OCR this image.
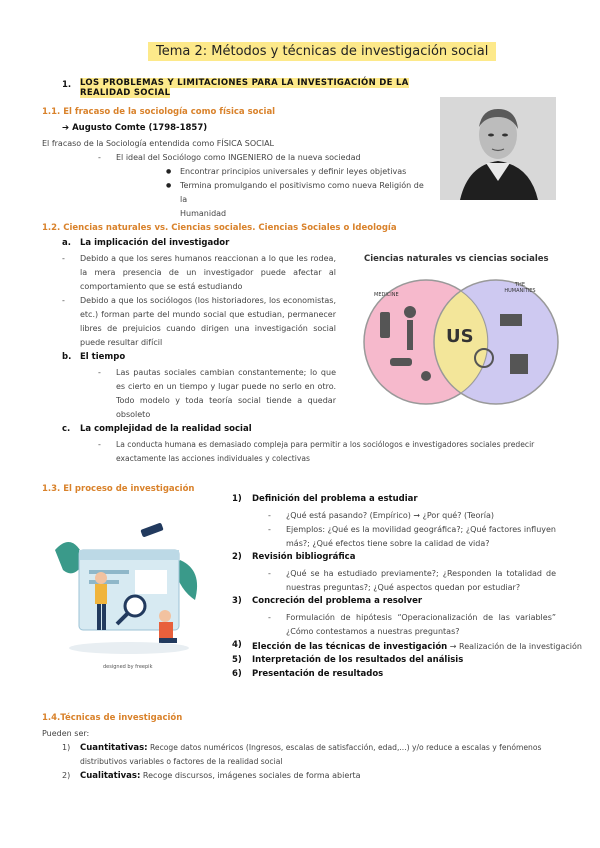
Tema 2: Métodos y técnicas de investigación social
1. LOS PROBLEMAS Y LIMITACIONES PARA LA INVESTIGACIÓN DE LA
REALIDAD SOCIAL
1.1. El fracaso de la sociología como física social
➔ Augusto Comte (1798-1857)
El fracaso de la Sociología entendida como FÍSICA SOCIAL
- El ideal del Sociólogo como INGENIERO de la nueva sociedad
● Encontrar principios universales y definir leyes objetivas
● Termina promulgando el positivismo como nueva Religión de la
Humanidad
1.2. Ciencias naturales vs. Ciencias sociales. Ciencias Sociales o Ideología
a. La implicación del investigador
- Debido a que los seres humanos reaccionan a lo que les rodea, la mera presencia de un investigador puede afectar al comportamiento que se está estudiando
- Debido a que los sociólogos (los historiadores, los economistas, etc.) forman parte del mundo social que estudian, permanecer libres de prejuicios cuando dirigen una investigación social puede resultar difícil
b. El tiempo
- Las pautas sociales cambian constantemente; lo que es cierto en un tiempo y lugar puede no serlo en otro. Todo modelo y toda teoría social tiende a quedar obsoleto
c. La complejidad de la realidad social
- La conducta humana es demasiado compleja para permitir a los sociólogos e investigadores sociales predecir
exactamente las acciones individuales y colectivas
Ciencias naturales vs ciencias sociales
MEDICINE
THE HUMANITIES
US
1.3. El proceso de investigación
designed by freepik
1) Definición del problema a estudiar
- ¿Qué está pasando? (Empírico) ➞ ¿Por qué? (Teoría)
- Ejemplos: ¿Qué es la movilidad geográfica?; ¿Qué factores influyen más?; ¿Qué efectos tiene sobre la calidad de vida?
2) Revisión bibliográfica
- ¿Qué se ha estudiado previamente?; ¿Responden la totalidad de nuestras preguntas?; ¿Qué aspectos quedan por estudiar?
3) Concreción del problema a resolver
- Formulación de hipótesis “Operacionalización de las variables” ¿Cómo contestamos a nuestras preguntas?
4) Elección de las técnicas de investigación → Realización de la investigación
5) Interpretación de los resultados del análisis
6) Presentación de resultados
1.4.Técnicas de investigación
Pueden ser:
1) Cuantitativas: Recoge datos numéricos (Ingresos, escalas de satisfacción, edad,...) y/o reduce a escalas y fenómenos distributivos variables o factores de la realidad social
2) Cualitativas: Recoge discursos, imágenes sociales de forma abierta
